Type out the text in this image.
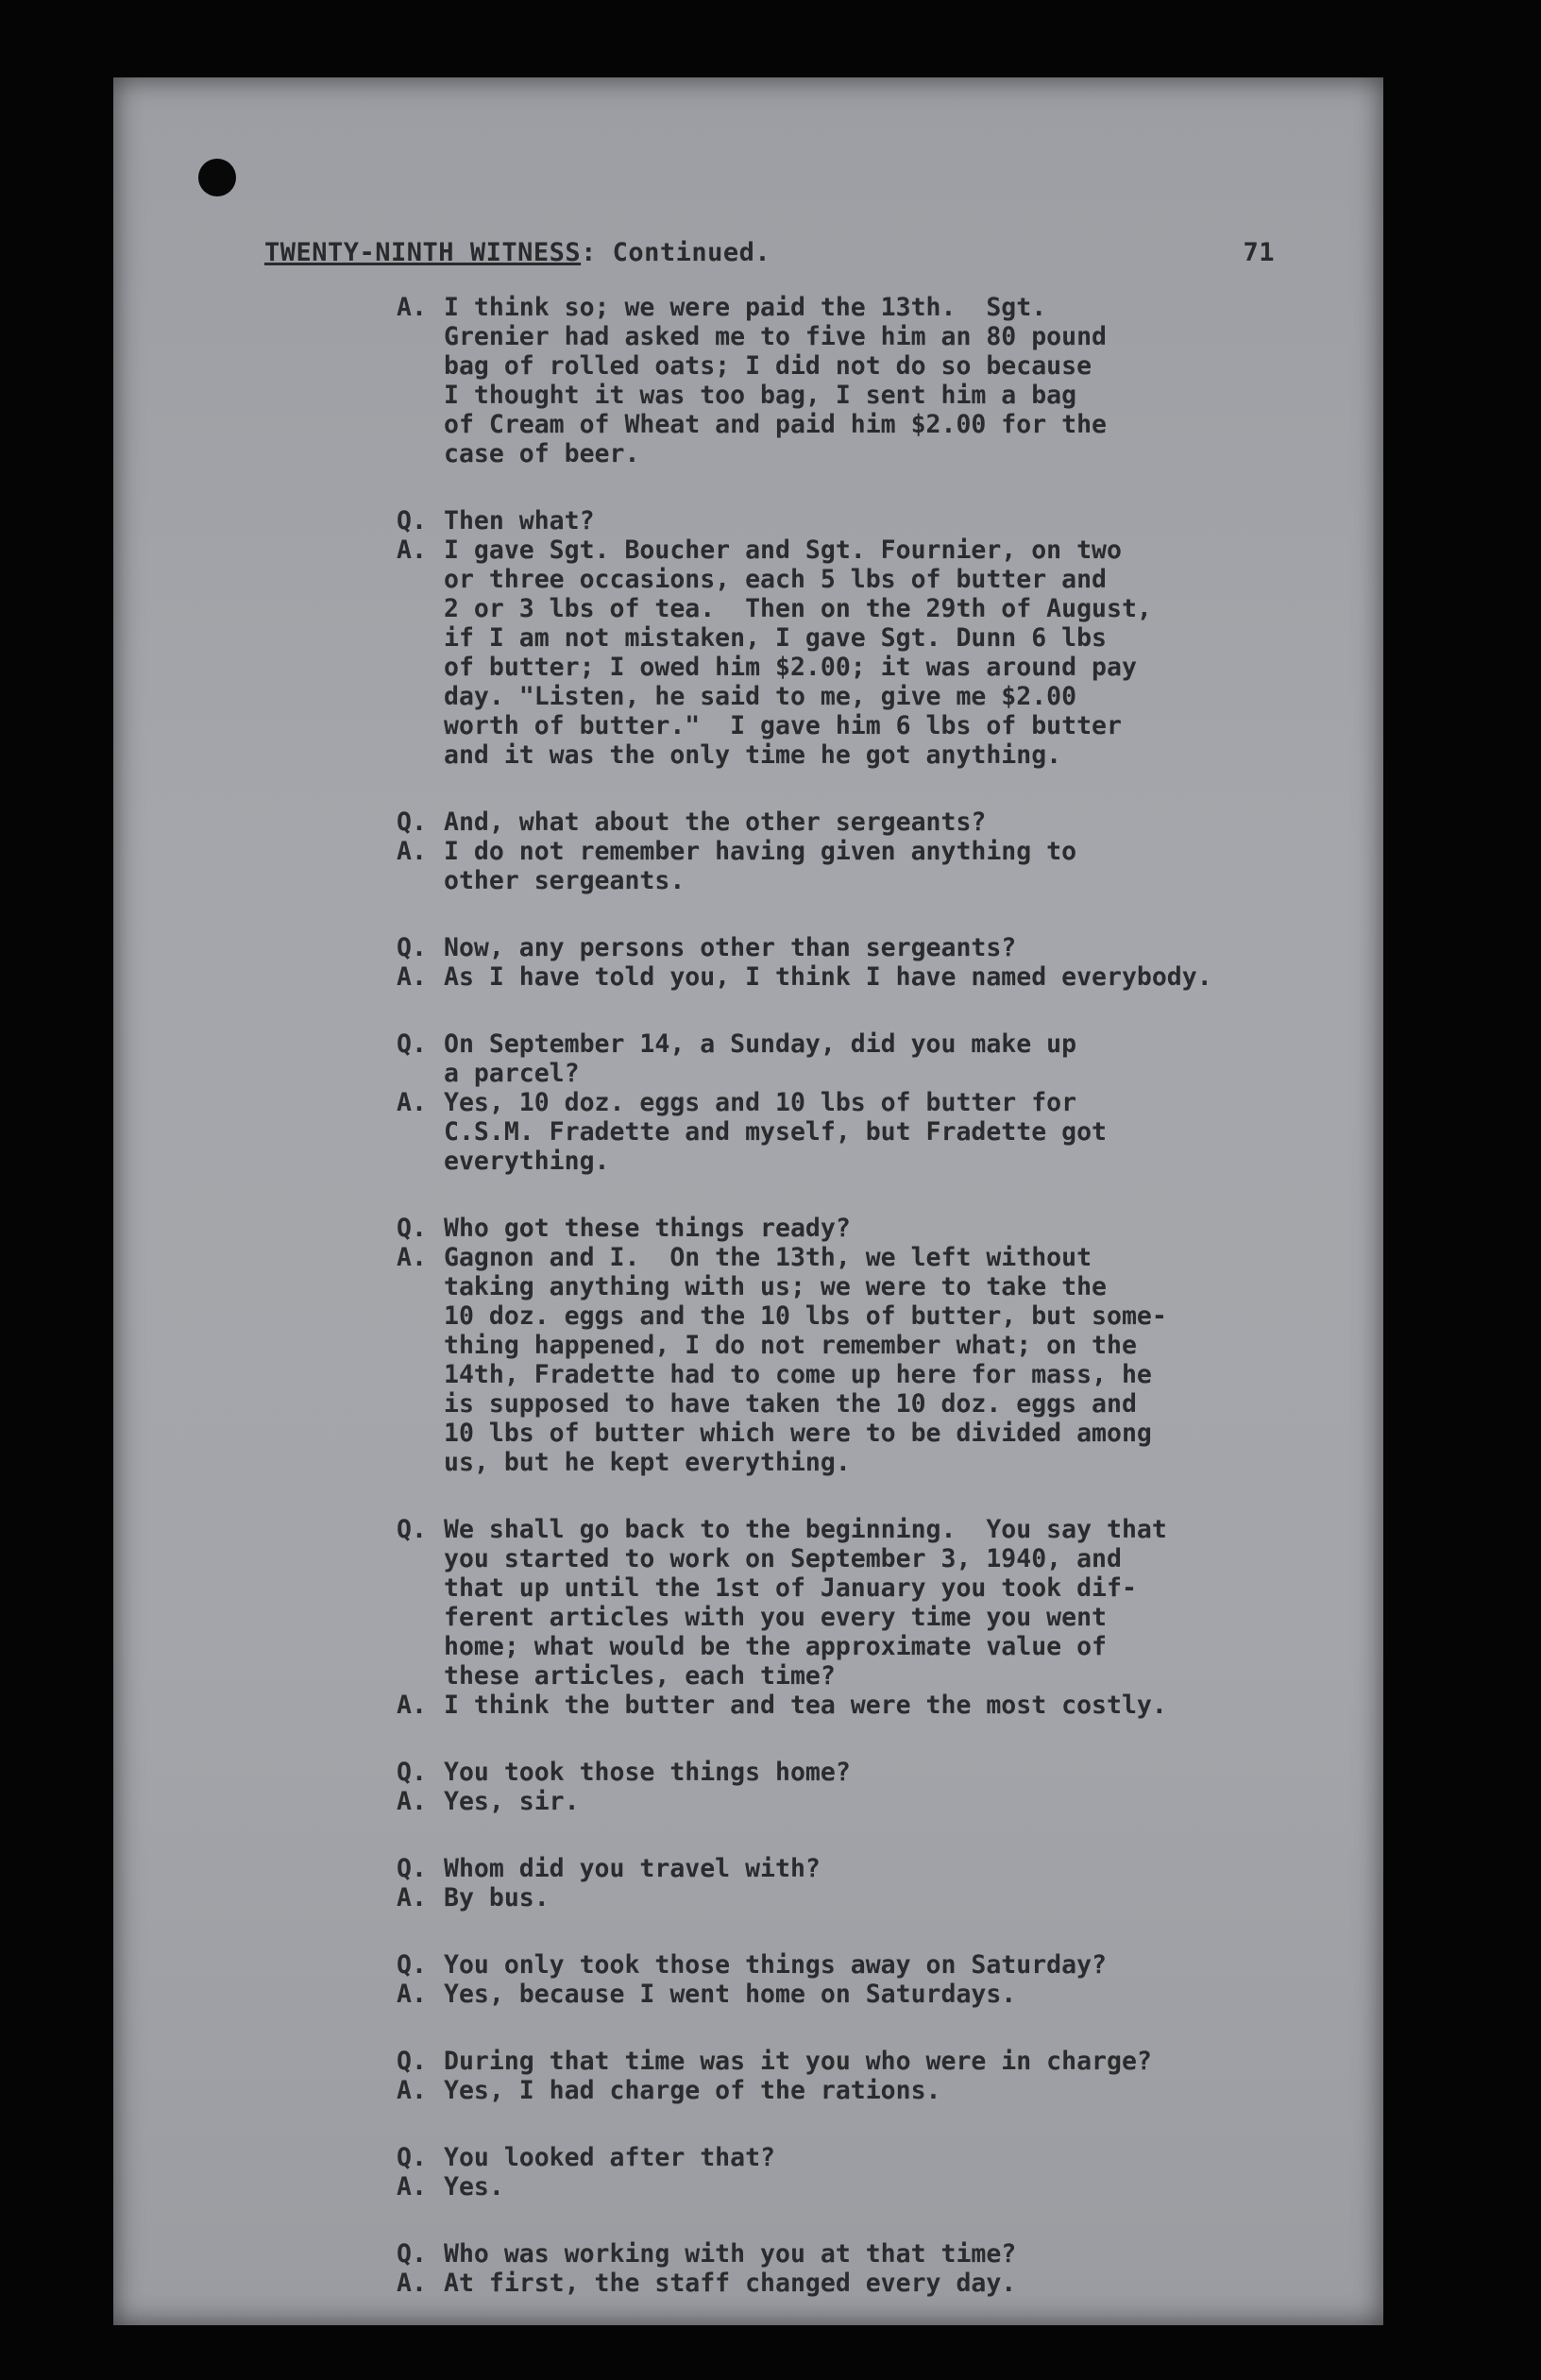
TWENTY-NINTH WITNESS: Continued.	71
A. I think so; we were paid the 13th.  Sgt.
Grenier had asked me to five him an 80 pound
bag of rolled oats; I did not do so because
I thought it was too bag, I sent him a bag
of Cream of Wheat and paid him $2.00 for the
case of beer.
Q. Then what?
A. I gave Sgt. Boucher and Sgt. Fournier, on two
or three occasions, each 5 lbs of butter and
2 or 3 lbs of tea.  Then on the 29th of August,
if I am not mistaken, I gave Sgt. Dunn 6 lbs
of butter; I owed him $2.00; it was around pay
day. "Listen, he said to me, give me $2.00
worth of butter."  I gave him 6 lbs of butter
and it was the only time he got anything.
Q. And, what about the other sergeants?
A. I do not remember having given anything to
other sergeants.
Q. Now, any persons other than sergeants?
A. As I have told you, I think I have named everybody.
Q. On September 14, a Sunday, did you make up
a parcel?
A. Yes, 10 doz. eggs and 10 lbs of butter for
C.S.M. Fradette and myself, but Fradette got
everything.
Q. Who got these things ready?
A. Gagnon and I.  On the 13th, we left without
taking anything with us; we were to take the
10 doz. eggs and the 10 lbs of butter, but some-
thing happened, I do not remember what; on the
14th, Fradette had to come up here for mass, he
is supposed to have taken the 10 doz. eggs and
10 lbs of butter which were to be divided among
us, but he kept everything.
Q. We shall go back to the beginning.  You say that
you started to work on September 3, 1940, and
that up until the 1st of January you took dif-
ferent articles with you every time you went
home; what would be the approximate value of
these articles, each time?
A. I think the butter and tea were the most costly.
Q. You took those things home?
A. Yes, sir.
Q. Whom did you travel with?
A. By bus.
Q. You only took those things away on Saturday?
A. Yes, because I went home on Saturdays.
Q. During that time was it you who were in charge?
A. Yes, I had charge of the rations.
Q. You looked after that?
A. Yes.
Q. Who was working with you at that time?
A. At first, the staff changed every day.
